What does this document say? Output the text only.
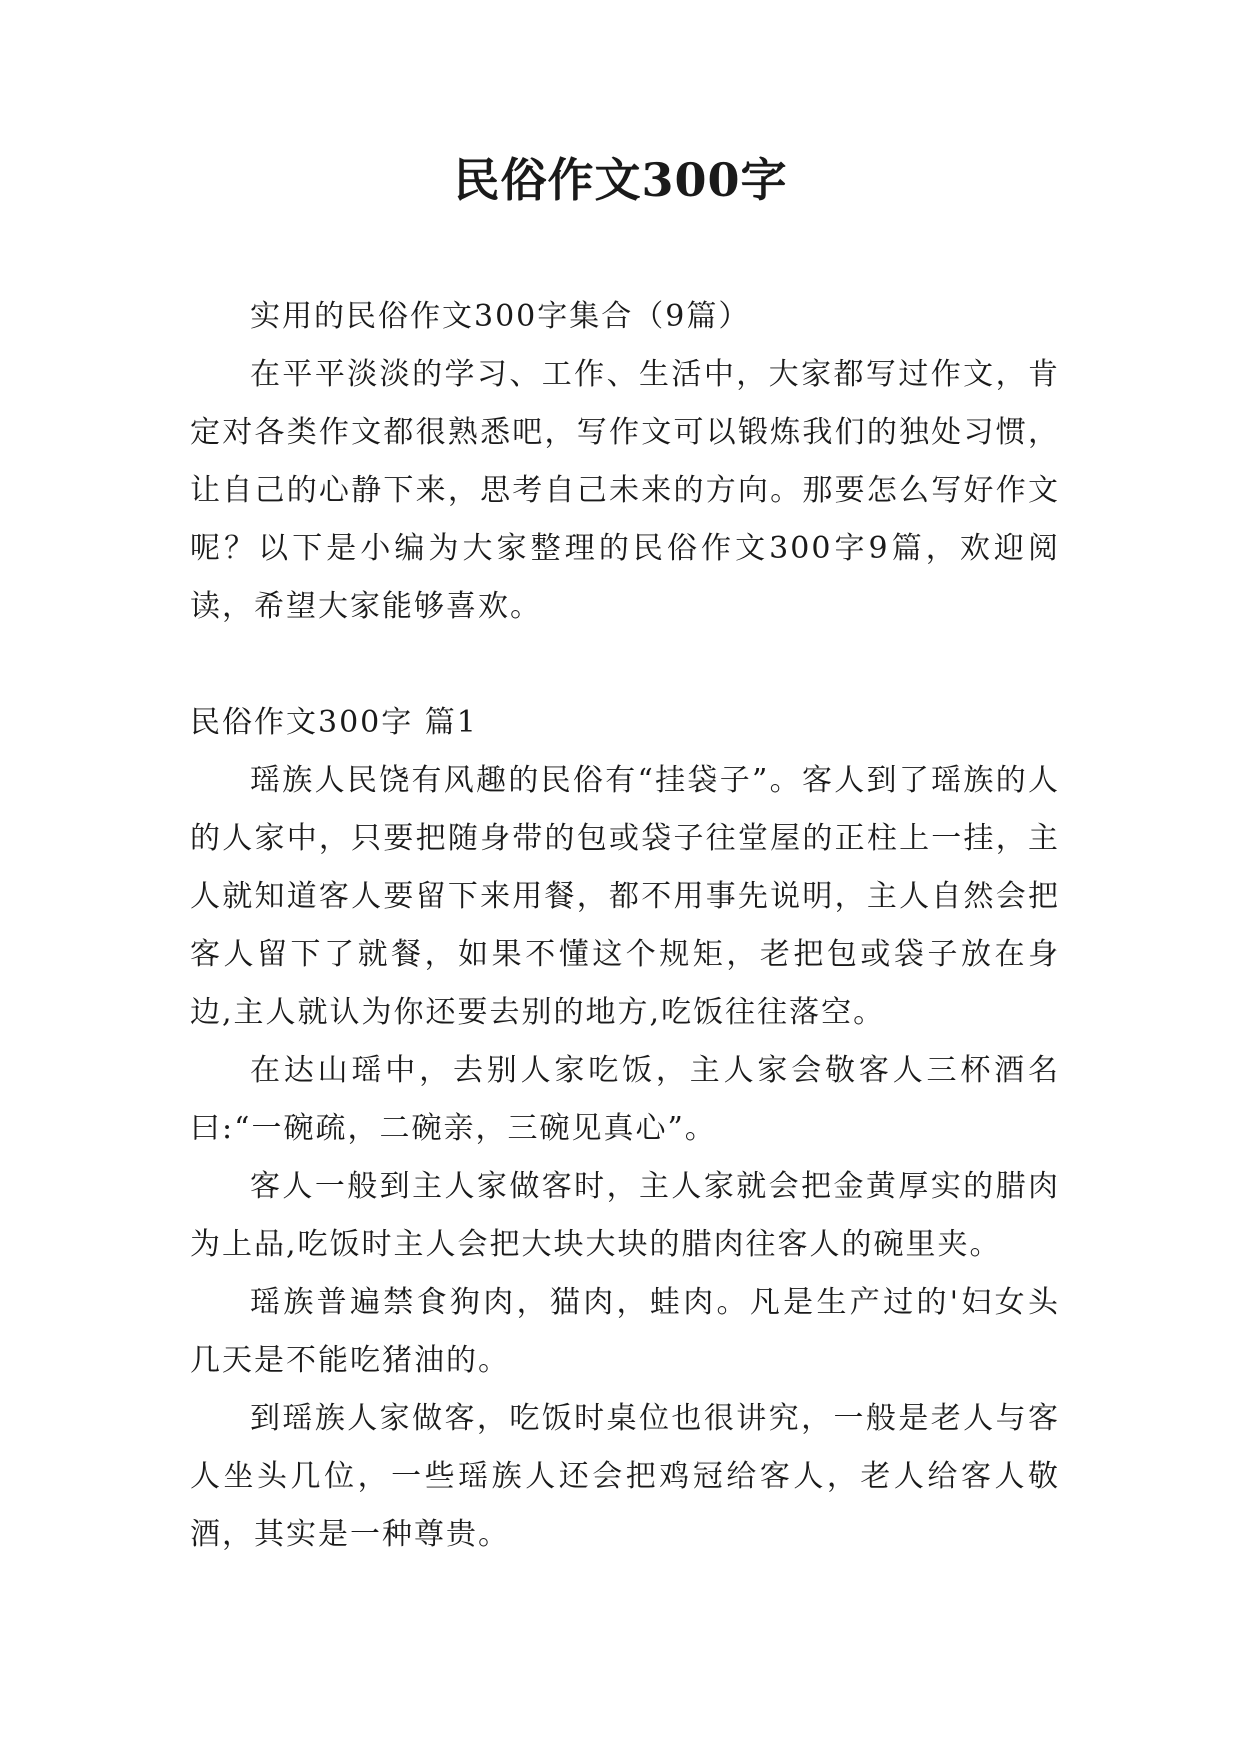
民俗作文300字

实用的民俗作文300字集合（9篇）

在平平淡淡的学习、工作、生活中，大家都写过作文，肯定对各类作文都很熟悉吧，写作文可以锻炼我们的独处习惯，让自己的心静下来，思考自己未来的方向。那要怎么写好作文呢？以下是小编为大家整理的民俗作文300字9篇，欢迎阅读，希望大家能够喜欢。

民俗作文300字 篇1

瑶族人民饶有风趣的民俗有“挂袋子”。客人到了瑶族的人的人家中，只要把随身带的包或袋子往堂屋的正柱上一挂，主人就知道客人要留下来用餐，都不用事先说明，主人自然会把客人留下了就餐，如果不懂这个规矩，老把包或袋子放在身边,主人就认为你还要去别的地方,吃饭往往落空。

在达山瑶中，去别人家吃饭，主人家会敬客人三杯酒名曰:“一碗疏，二碗亲，三碗见真心”。

客人一般到主人家做客时，主人家就会把金黄厚实的腊肉为上品,吃饭时主人会把大块大块的腊肉往客人的碗里夹。

瑶族普遍禁食狗肉，猫肉，蛙肉。凡是生产过的'妇女头几天是不能吃猪油的。

到瑶族人家做客，吃饭时桌位也很讲究，一般是老人与客人坐头几位，一些瑶族人还会把鸡冠给客人，老人给客人敬酒，其实是一种尊贵。
